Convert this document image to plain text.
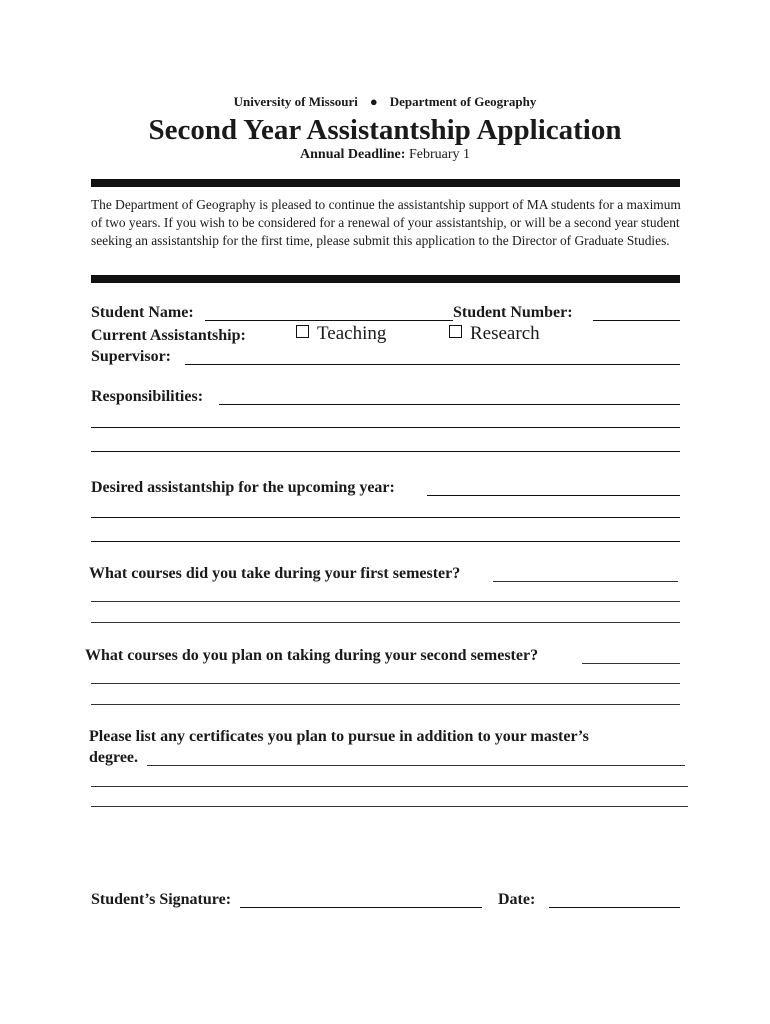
University of Missouri ● Department of Geography
Second Year Assistantship Application
Annual Deadline: February 1
The Department of Geography is pleased to continue the assistantship support of MA students for a maximum of two years. If you wish to be considered for a renewal of your assistantship, or will be a second year student seeking an assistantship for the first time, please submit this application to the Director of Graduate Studies.
Student Name:	Student Number:
Current Assistantship:	Teaching	Research
Supervisor:
Responsibilities:
Desired assistantship for the upcoming year:
What courses did you take during your first semester?
What courses do you plan on taking during your second semester?
Please list any certificates you plan to pursue in addition to your master’s
degree.
Student’s Signature:	Date:
